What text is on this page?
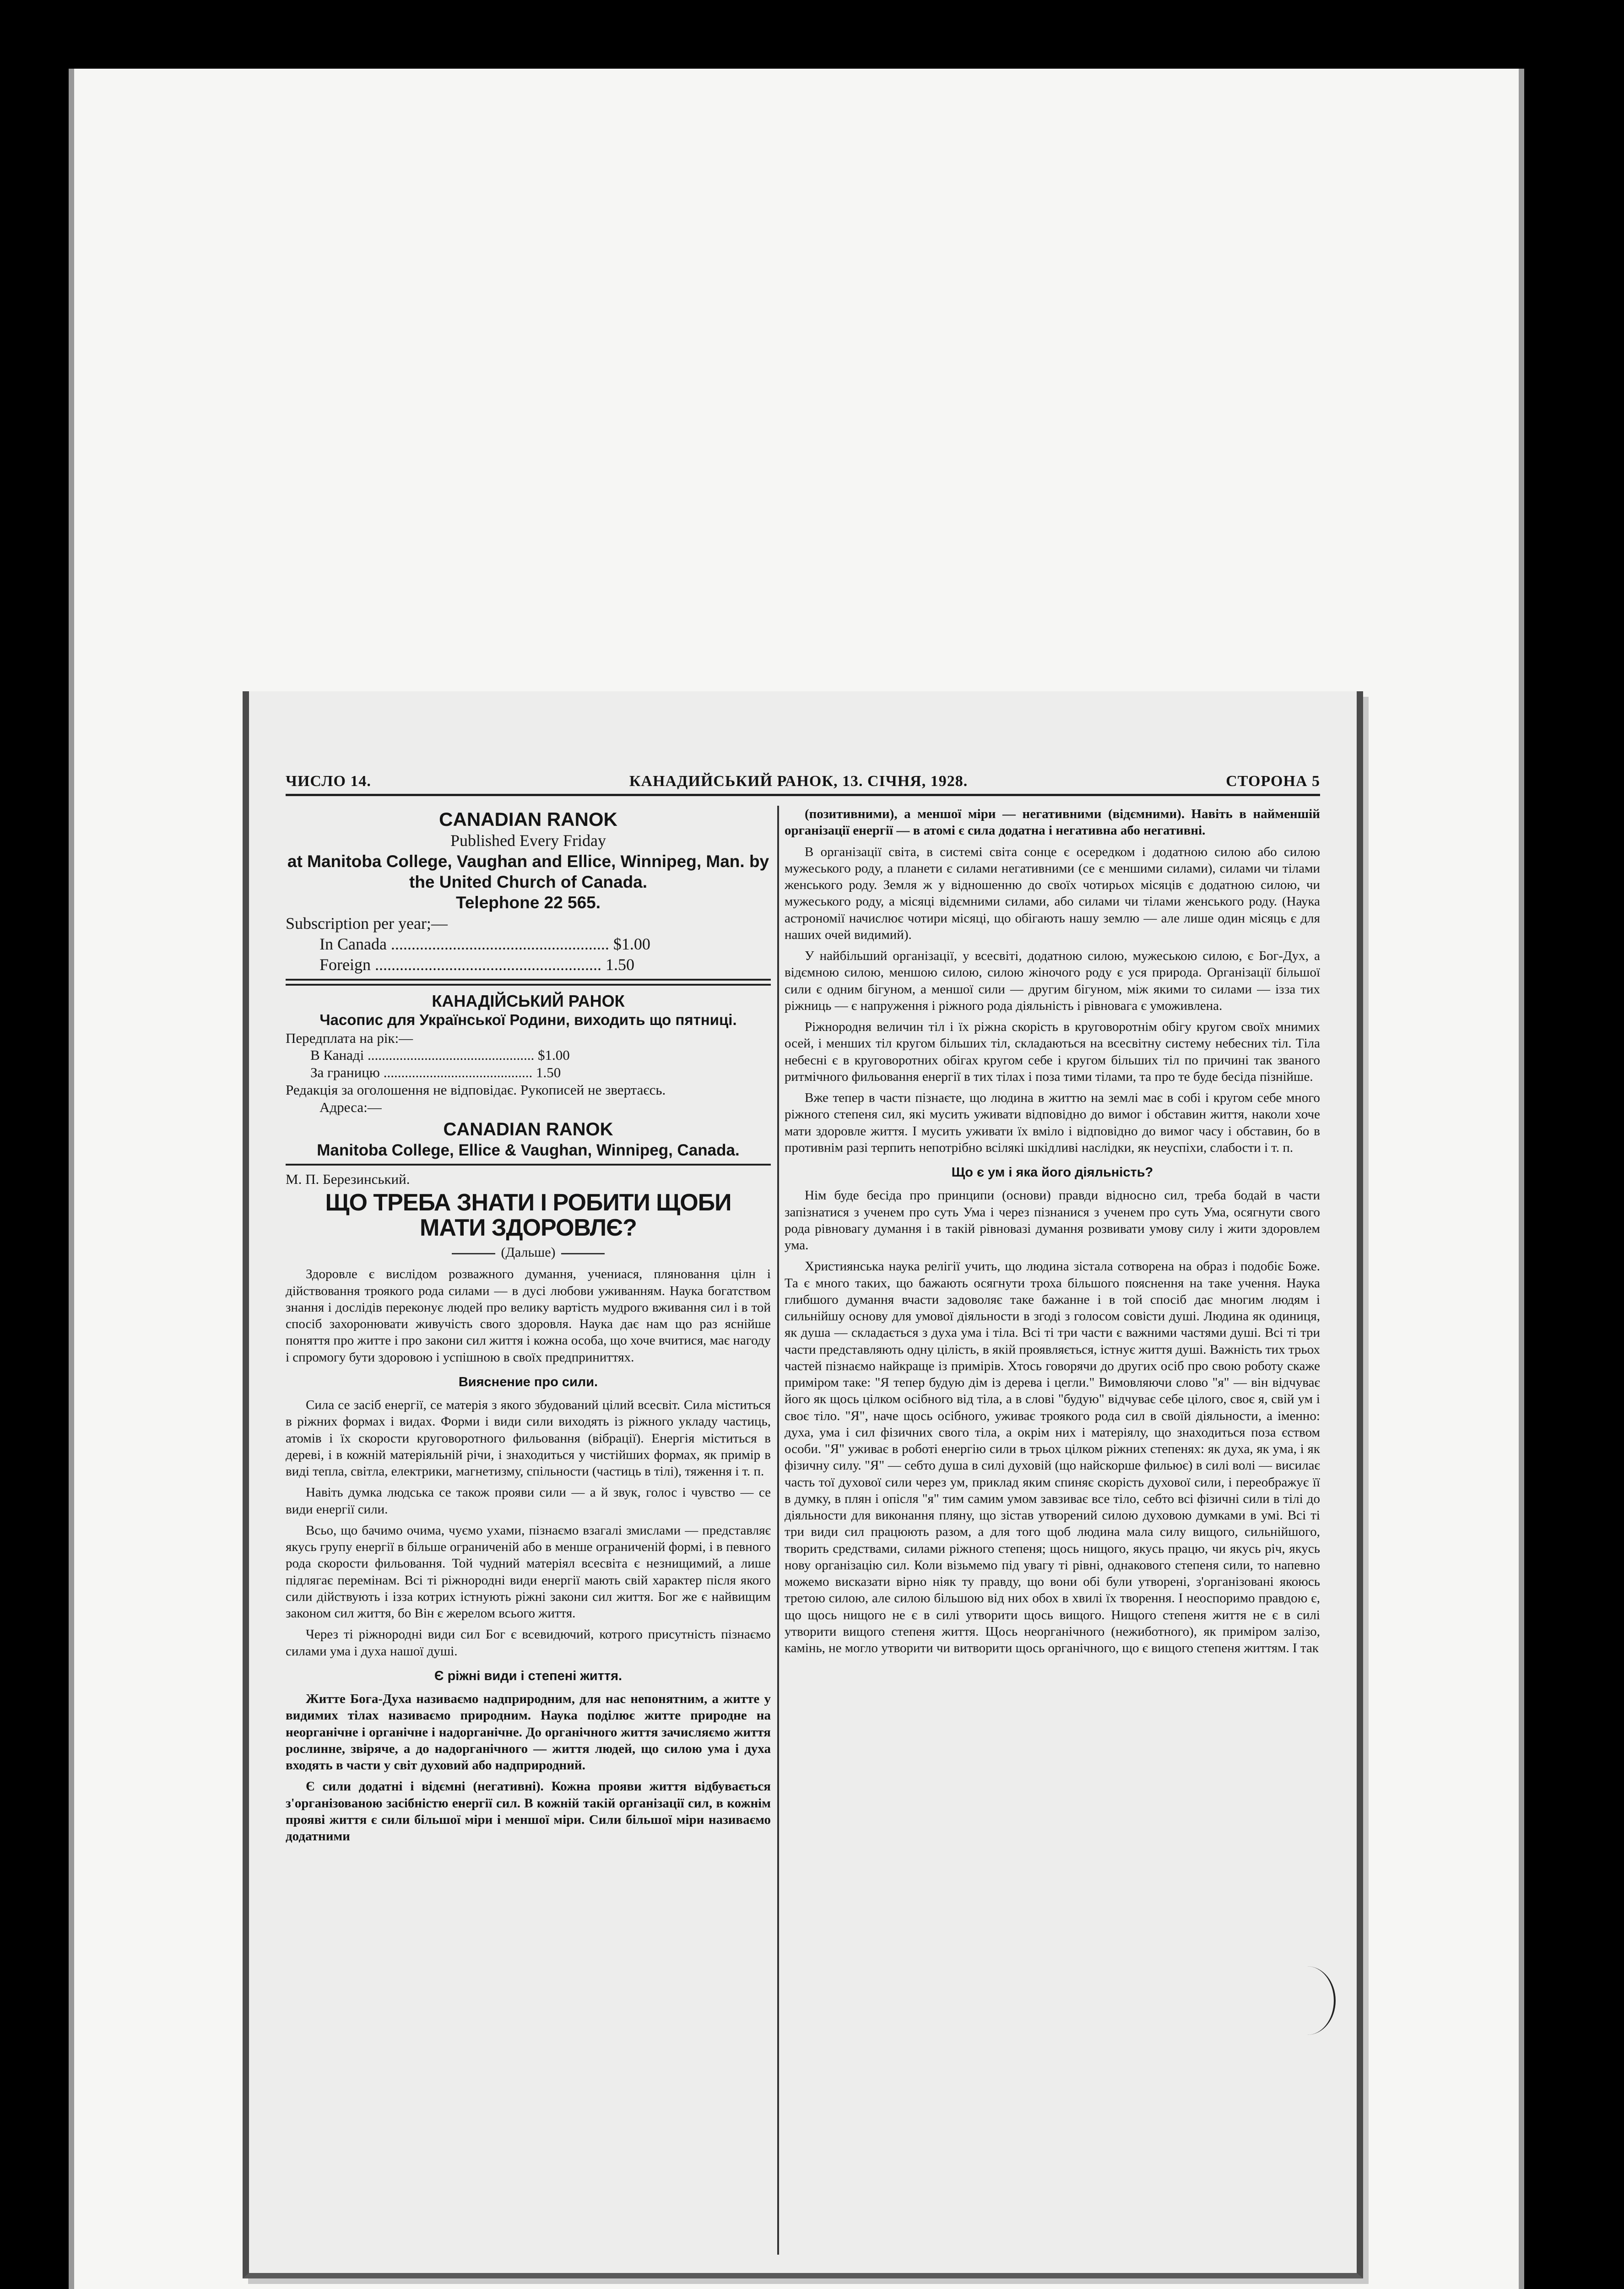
ЧИСЛО 14.	КАНАДИЙСЬКИЙ РАНОК, 13. СІЧНЯ, 1928.	СТОРОНА 5
CANADIAN RANOK
Published Every Friday
at Manitoba College, Vaughan and Ellice, Winnipeg, Man. by the United Church of Canada.
Telephone 22 565.
Subscription per year;—
In Canada ..................................................... $1.00
Foreign ....................................................... 1.50
КАНАДІЙСЬКИЙ РАНОК
Часопис для Української Родини, виходить що пятниці.
Передплата на рік:—
В Канаді ............................................... $1.00
За границю .......................................... 1.50
Редакція за оголошення не відповідає. Рукописей не звертаєсь.
Адреса:—
CANADIAN RANOK
Manitoba College, Ellice & Vaughan, Winnipeg, Canada.
М. П. Березинський.
ЩО ТРЕБА ЗНАТИ І РОБИТИ ЩОБИ МАТИ ЗДОРОВЛЄ?
(Дальше)

Здоровле є вислідом розважного думання, учениася, пляновання цілн і дійствовання троякого рода силами — в дусі любови уживанням. Наука богатством знання і дослідів переконує людей про велику вартість мудрого вживання сил і в той спосіб захоронювати живучість свого здоровля. Наука дає нам що раз яснійше поняття про житте і про закони сил життя і кожна особа, що хоче вчитися, має нагоду і спромогу бути здоровою і успішною в своїх предприниттях.

Вияснение про сили.

Сила се засіб енергії, се матерія з якого збудований цілий всесвіт. Сила міститься в ріжних формах і видах. Форми і види сили виходять із ріжного укладу частиць, атомів і їх скорости круговоротного фильовання (вібрації). Енергія міститься в дереві, і в кожній матеріяльній річи, і знаходиться у чистійших формах, як примір в виді тепла, світла, електрики, магнетизму, спільности (частиць в тілі), тяження і т. п.

Навіть думка людська се також прояви сили — а й звук, голос і чувство — се види енергії сили.

Всьо, що бачимо очима, чуємо ухами, пізнаємо взагалі змислами — представляє якусь групу енергії в більше ограниченій або в менше ограниченій формі, і в певного рода скорости фильовання. Той чудний матеріял всесвіта є незнищимий, а лише підлягає перемінам. Всі ті ріжнородні види енергії мають свій характер після якого сили дійствують і ізза котрих істнують ріжні закони сил життя. Бог же є найвищим законом сил життя, бо Він є жерелом всього життя.

Через ті ріжнородні види сил Бог є всевидючий, котрого присутність пізнаємо силами ума і духа нашої душі.

Є ріжні види і степені життя.

Житте Бога-Духа називаємо надприродним, для нас непонятним, а житте у видимих тілах називаємо природним. Наука поділює житте природне на неорганічне і органічне і надорганічне. До органічного життя зачисляємо життя рослинне, звіряче, а до надорганічного — життя людей, що силою ума і духа входять в части у світ духовий або надприродний.

Є сили додатні і відємні (негативні). Кожна прояви життя відбувається з'організованою засібністю енергії сил. В кожній такій організації сил, в кожнім прояві життя є сили більшої міри і меншої міри. Сили більшої міри називаємо додатними

(позитивними), а меншої міри — негативними (відємними). Навіть в найменшій організації енергії — в атомі є сила додатна і негативна або негативні.

В організації світа, в системі світа сонце є осередком і додатною силою або силою мужеського роду, а планети є силами негативними (се є меншими силами), силами чи тілами женського роду. Земля ж у відношенню до своїх чотирьох місяців є додатною силою, чи мужеського роду, а місяці відємними силами, або силами чи тілами женського роду. (Наука астрономії начислює чотири місяці, що обігають нашу землю — але лише один місяць є для наших очей видимий).

У найбільший організації, у всесвіті, додатною силою, мужеською силою, є Бог-Дух, а відємною силою, меншою силою, силою жіночого роду є уся природа. Організації більшої сили є одним бігуном, а меншої сили — другим бігуном, між якими то силами — ізза тих ріжниць — є напруження і ріжного рода діяльність і рівновага є уможивлена.

Ріжнородня величин тіл і їх ріжна скорість в круговоротнім обігу кругом своїх мнимих осей, і менших тіл кругом більших тіл, складаються на всесвітну систему небесних тіл. Тіла небесні є в круговоротних обігах кругом себе і кругом більших тіл по причині так званого ритмічного фильовання енергії в тих тілах і поза тими тілами, та про те буде бесіда пізнійше.

Вже тепер в части пізнаєте, що людина в життю на землі має в собі і кругом себе много ріжного степеня сил, які мусить уживати відповідно до вимог і обставин життя, наколи хоче мати здоровле життя. І мусить уживати їх вміло і відповідно до вимог часу і обставин, бо в противнім разі терпить непотрібно всілякі шкідливі наслідки, як неуспіхи, слабости і т. п.

Що є ум і яка його діяльність?

Нім буде бесіда про принципи (основи) правди відносно сил, треба бодай в части запізнатися з ученем про суть Ума і через пізнанися з ученем про суть Ума, осягнути свого рода рівновагу думання і в такій рівновазі думання розвивати умову силу і жити здоровлем ума.

Християнська наука релігії учить, що людина зістала сотворена на образ і подобіє Боже. Та є много таких, що бажають осягнути троха більшого пояснення на таке учення. Наука глибшого думання вчасти задоволяє таке бажанне і в той спосіб дає многим людям і сильнійшу основу для умової діяльности в згоді з голосом совісти душі. Людина як одиниця, як душа — складається з духа ума і тіла. Всі ті три части є важними частями душі. Всі ті три части представляють одну цілість, в якій проявляється, істнує життя душі. Важність тих трьох частей пізнаємо найкраще із примірів. Хтось говорячи до других осіб про свою роботу скаже приміром таке: "Я тепер будую дім із дерева і цегли." Вимовляючи слово "я" — він відчуває його як щось цілком осібного від тіла, а в слові "будую" відчуває себе цілого, своє я, свій ум і своє тіло. "Я", наче щось осібного, уживає троякого рода сил в своїй діяльности, а іменно: духа, ума і сил фізичних свого тіла, а окрім них і матеріялу, що знаходиться поза єством особи. "Я" уживає в роботі енергію сили в трьох цілком ріжних степенях: як духа, як ума, і як фізичну силу. "Я" — себто душа в силі духовій (що найскорше фильює) в силі волі — висилає часть тої духової сили через ум, приклад яким спиняє скорість духової сили, і переображує її в думку, в плян і опісля "я" тим самим умом завзиває все тіло, себто всі фізичні сили в тілі до діяльности для виконання пляну, що зістав утворений силою духовою думками в умі. Всі ті три види сил працюють разом, а для того щоб людина мала силу вищого, сильнійшого, творить средствами, силами ріжного степеня; щось нищого, якусь працю, чи якусь річ, якусь нову організацію сил. Коли візьмемо під увагу ті рівні, однакового степеня сили, то напевно можемо висказати вірно ніяк ту правду, що вони обі були утворені, з'організовані якоюсь третою силою, але силою більшою від них обох в хвилі їх творення. І неоспоримо правдою є, що щось нищого не є в силі утворити щось вищого. Нищого степеня життя не є в силі утворити вищого степеня життя. Щось неорганічного (нежиботного), як приміром залізо, камінь, не могло утворити чи витворити щось органічного, що є вищого степеня життям. І так
